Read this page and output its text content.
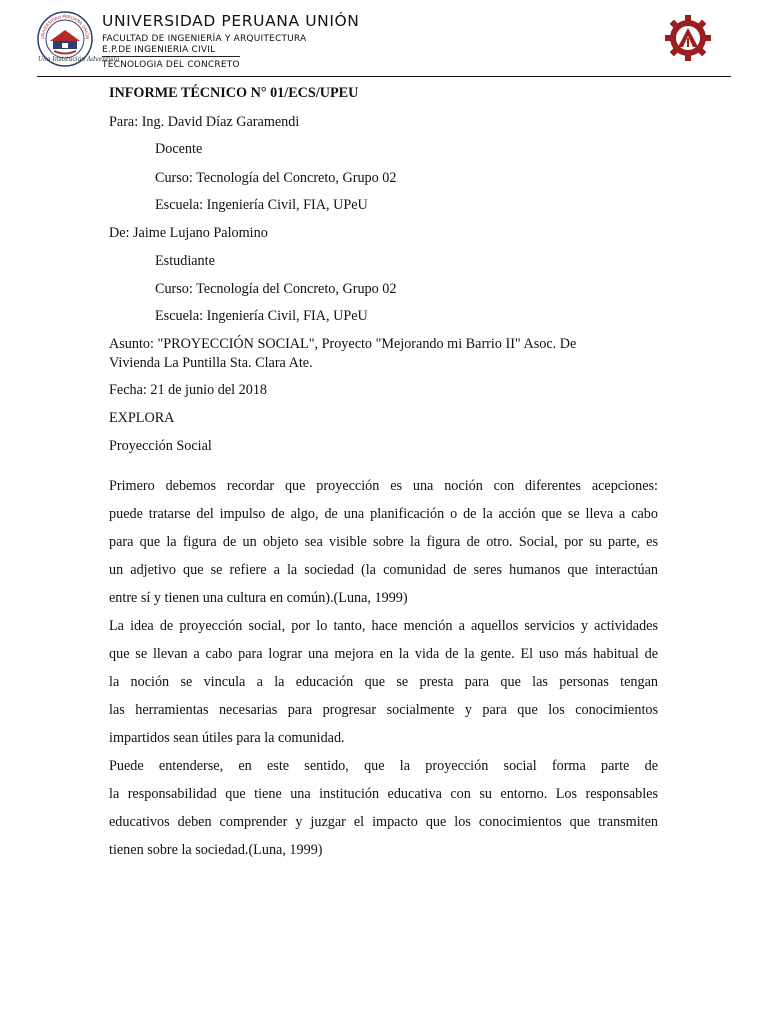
UNIVERSIDAD PERUANA UNIÓN
Una Institución Adventista
UNIVERSIDAD PERUANA UNIÓN
FACULTAD DE INGENIERÍA Y ARQUITECTURA
E.P.DE INGENIERIA CIVIL
TECNOLOGIA DEL CONCRETO
INFORME TÉCNICO N° 01/ECS/UPEU
Para: Ing. David Díaz Garamendi
Docente
Curso: Tecnología del Concreto, Grupo 02
Escuela: Ingeniería Civil, FIA, UPeU
De: Jaime Lujano Palomino
Estudiante
Curso: Tecnología del Concreto, Grupo 02
Escuela: Ingeniería Civil, FIA, UPeU
Asunto: "PROYECCIÓN SOCIAL", Proyecto "Mejorando mi Barrio II" Asoc. De
Vivienda La Puntilla Sta. Clara Ate.
Fecha: 21 de junio del 2018
EXPLORA
Proyección Social
Primero debemos recordar que proyección es una noción con diferentes acepciones:
puede tratarse del impulso de algo, de una planificación o de la acción que se lleva a cabo
para que la figura de un objeto sea visible sobre la figura de otro. Social, por su parte, es
un adjetivo que se refiere a la sociedad (la comunidad de seres humanos que interactúan
entre sí y tienen una cultura en común).(Luna, 1999)
La idea de proyección social, por lo tanto, hace mención a aquellos servicios y actividades
que se llevan a cabo para lograr una mejora en la vida de la gente. El uso más habitual de
la noción se vincula a la educación que se presta para que las personas tengan
las herramientas necesarias para progresar socialmente y para que los conocimientos
impartidos sean útiles para la comunidad.
Puede entenderse, en este sentido, que la proyección social forma parte de
la responsabilidad que tiene una institución educativa con su entorno. Los responsables
educativos deben comprender y juzgar el impacto que los conocimientos que transmiten
tienen sobre la sociedad.(Luna, 1999)
